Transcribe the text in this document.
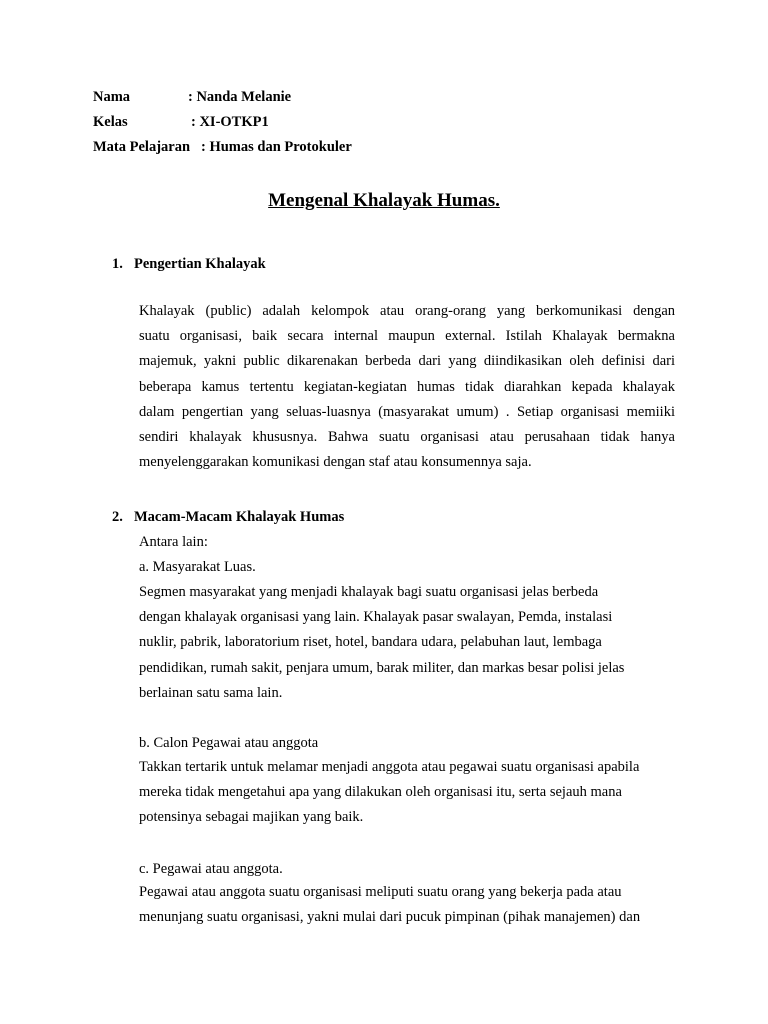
Nama	: Nanda Melanie
Kelas	: XI-OTKP1
Mata Pelajaran : Humas dan Protokuler
Mengenal Khalayak Humas.
1. Pengertian Khalayak
Khalayak (public) adalah kelompok atau orang-orang yang berkomunikasi dengan
suatu organisasi, baik secara internal maupun external. Istilah Khalayak bermakna
majemuk, yakni public dikarenakan berbeda dari yang diindikasikan oleh definisi dari
beberapa kamus tertentu kegiatan-kegiatan humas tidak diarahkan kepada khalayak
dalam pengertian yang seluas-luasnya (masyarakat umum) . Setiap organisasi memiiki
sendiri khalayak khususnya. Bahwa suatu organisasi atau perusahaan tidak hanya
menyelenggarakan komunikasi dengan staf atau konsumennya saja.
2. Macam-Macam Khalayak Humas
Antara lain:
a. Masyarakat Luas.
Segmen masyarakat yang menjadi khalayak bagi suatu organisasi jelas berbeda
dengan khalayak organisasi yang lain. Khalayak pasar swalayan, Pemda, instalasi
nuklir, pabrik, laboratorium riset, hotel, bandara udara, pelabuhan laut, lembaga
pendidikan, rumah sakit, penjara umum, barak militer, dan markas besar polisi jelas
berlainan satu sama lain.
b. Calon Pegawai atau anggota
Takkan tertarik untuk melamar menjadi anggota atau pegawai suatu organisasi apabila
mereka tidak mengetahui apa yang dilakukan oleh organisasi itu, serta sejauh mana
potensinya sebagai majikan yang baik.
c. Pegawai atau anggota.
Pegawai atau anggota suatu organisasi meliputi suatu orang yang bekerja pada atau
menunjang suatu organisasi, yakni mulai dari pucuk pimpinan (pihak manajemen) dan
